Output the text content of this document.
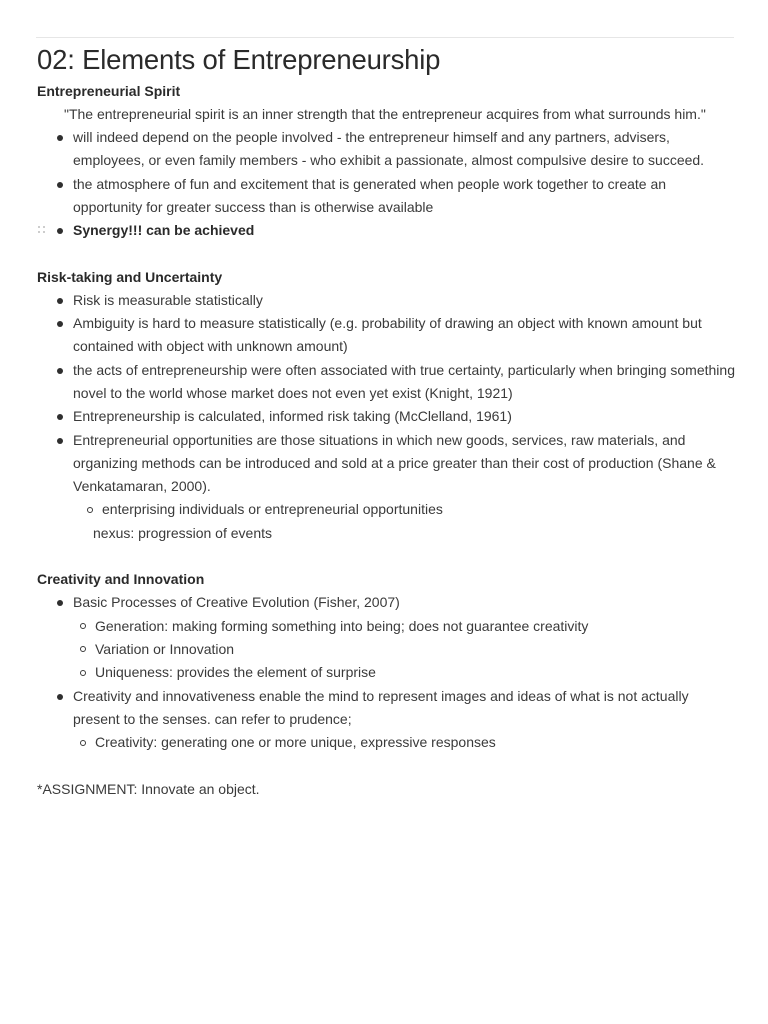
02: Elements of Entrepreneurship
Entrepreneurial Spirit
"The entrepreneurial spirit is an inner strength that the entrepreneur acquires from what surrounds him."
will indeed depend on the people involved - the entrepreneur himself and any partners, advisers, employees, or even family members - who exhibit a passionate, almost compulsive desire to succeed.
the atmosphere of fun and excitement that is generated when people work together to create an opportunity for greater success than is otherwise available
Synergy!!! can be achieved
Risk-taking and Uncertainty
Risk is measurable statistically
Ambiguity is hard to measure statistically (e.g. probability of drawing an object with known amount but contained with object with unknown amount)
the acts of entrepreneurship were often associated with true certainty, particularly when bringing something novel to the world whose market does not even yet exist (Knight, 1921)
Entrepreneurship is calculated, informed risk taking (McClelland, 1961)
Entrepreneurial opportunities are those situations in which new goods, services, raw materials, and organizing methods can be introduced and sold at a price greater than their cost of production (Shane & Venkatamaran, 2000).
enterprising individuals or entrepreneurial opportunities
nexus: progression of events
Creativity and Innovation
Basic Processes of Creative Evolution (Fisher, 2007)
Generation: making forming something into being; does not guarantee creativity
Variation or Innovation
Uniqueness: provides the element of surprise
Creativity and innovativeness enable the mind to represent images and ideas of what is not actually present to the senses. can refer to prudence;
Creativity: generating one or more unique, expressive responses
*ASSIGNMENT: Innovate an object.
